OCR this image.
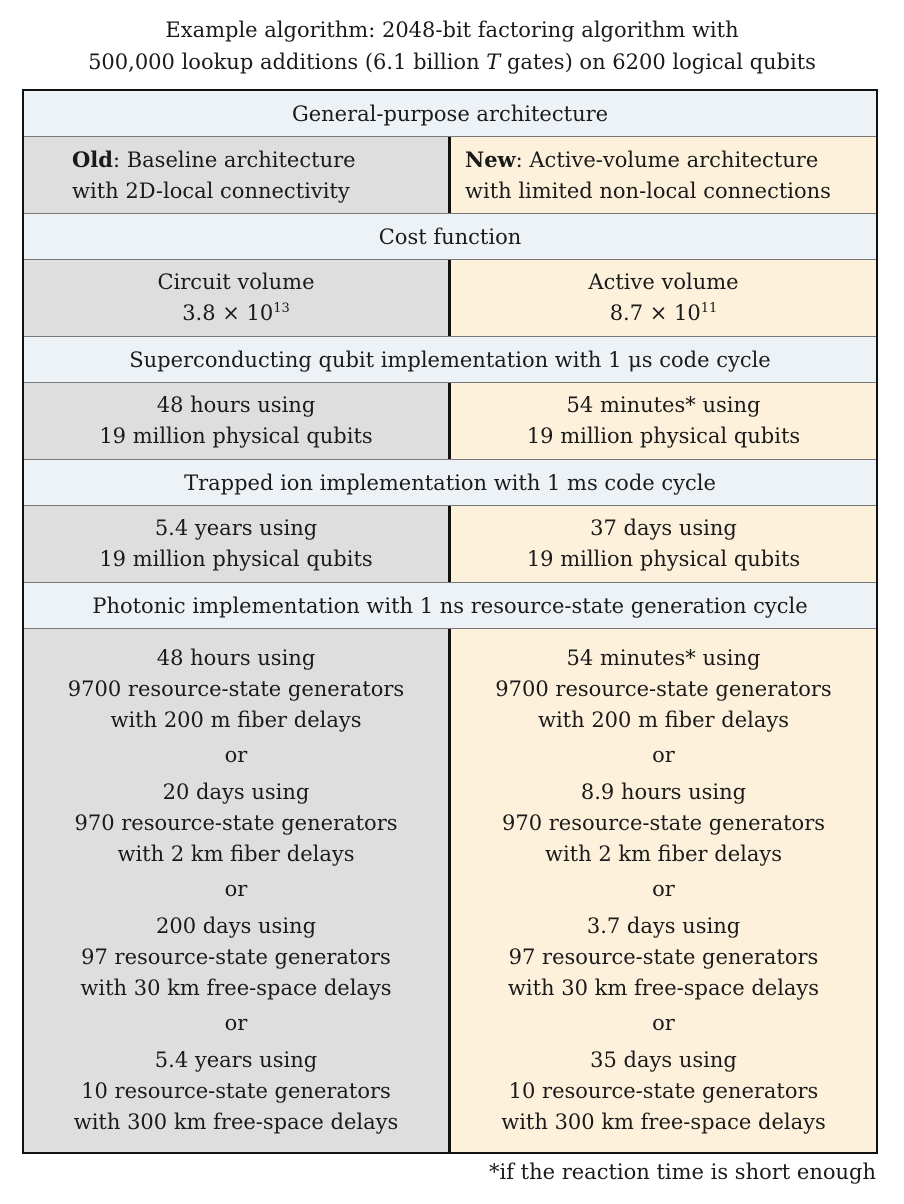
Example algorithm: 2048-bit factoring algorithm with
500,000 lookup additions (6.1 billion T gates) on 6200 logical qubits
General-purpose architecture
Old: Baseline architecture
with 2D-local connectivity
New: Active-volume architecture
with limited non-local connections
Cost function
Circuit volume
$3.8 \times 10^{13}$
Active volume
$8.7 \times 10^{11}$
Superconducting qubit implementation with 1 μs code cycle
48 hours using
19 million physical qubits
54 minutes* using
19 million physical qubits
Trapped ion implementation with 1 ms code cycle
5.4 years using
19 million physical qubits
37 days using
19 million physical qubits
Photonic implementation with 1 ns resource-state generation cycle
48 hours using
9700 resource-state generators
with 200 m fiber delays
or
20 days using
970 resource-state generators
with 2 km fiber delays
or
200 days using
97 resource-state generators
with 30 km free-space delays
or
5.4 years using
10 resource-state generators
with 300 km free-space delays
54 minutes* using
9700 resource-state generators
with 200 m fiber delays
or
8.9 hours using
970 resource-state generators
with 2 km fiber delays
or
3.7 days using
97 resource-state generators
with 30 km free-space delays
or
35 days using
10 resource-state generators
with 300 km free-space delays
*if the reaction time is short enough
